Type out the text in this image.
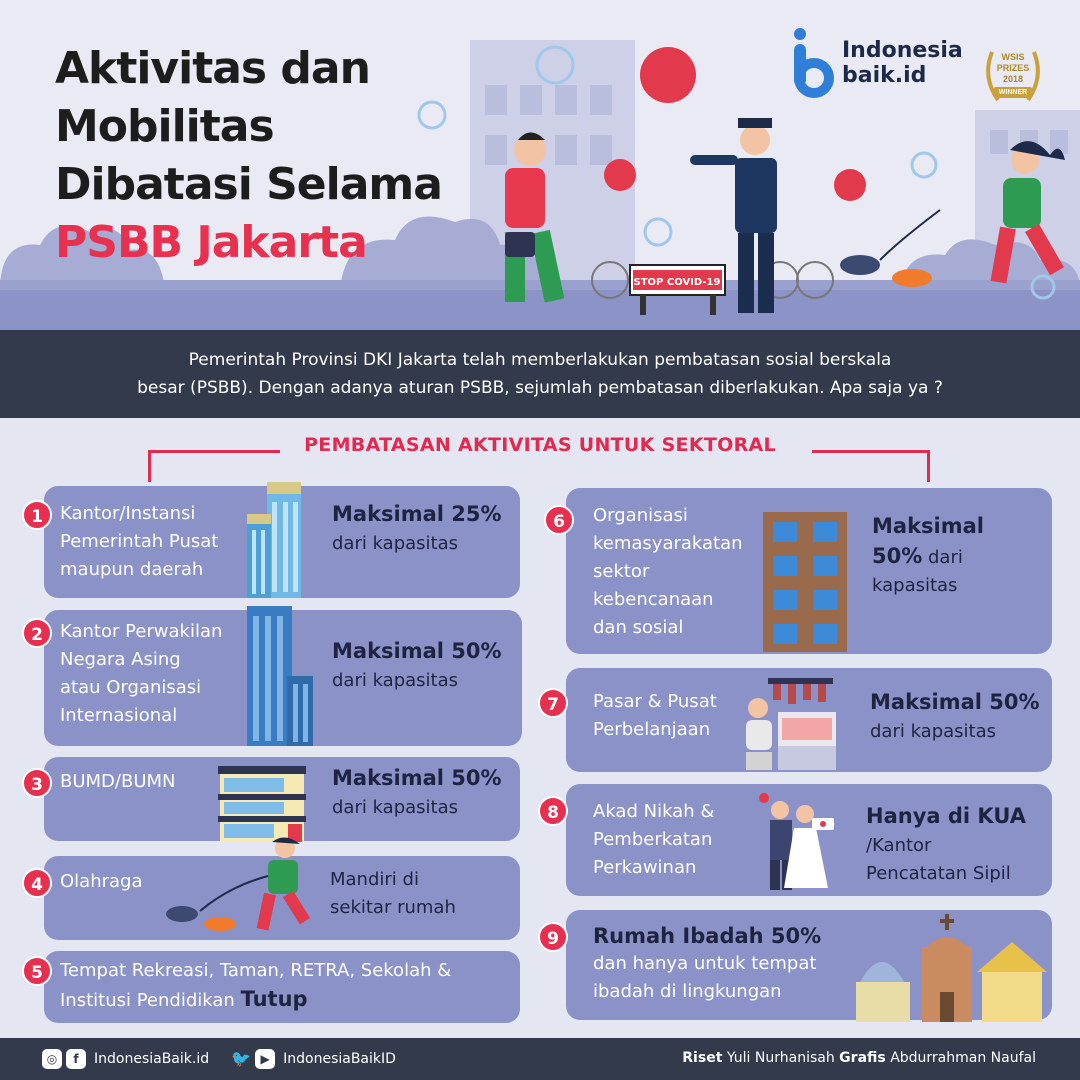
STOP COVID-19
Aktivitas dan
Mobilitas
Dibatasi Selama
PSBB Jakarta
Indonesia
baik.id
WSIS
PRIZES
2018
WINNER

Pemerintah Provinsi DKI Jakarta telah memberlakukan pembatasan sosial berskala
besar (PSBB). Dengan adanya aturan PSBB, sejumlah pembatasan diberlakukan. Apa saja ya ?

PEMBATASAN AKTIVITAS UNTUK SEKTORAL
1 Kantor/Instansi
Pemerintah Pusat
maupun daerah
Maksimal 25%
dari kapasitas
2 Kantor Perwakilan
Negara Asing
atau Organisasi
Internasional
Maksimal 50%
dari kapasitas
3 BUMD/BUMN	Maksimal 50%
dari kapasitas
4 Olahraga	Mandiri di
sekitar rumah
5 Tempat Rekreasi, Taman, RETRA, Sekolah &
Institusi Pendidikan Tutup
6	Organisasi
kemasyarakatan
sektor
kebencanaan
dan sosial
Maksimal
50% dari
kapasitas
7	Pasar & Pusat
Perbelanjaan
Maksimal 50%
dari kapasitas
8	Akad Nikah &
Pemberkatan
Perkawinan
Hanya di KUA
/Kantor
Pencatatan Sipil
9	Rumah Ibadah 50%
dan hanya untuk tempat
ibadah di lingkungan
◎	f	IndonesiaBaik.id 🐦 ▶ IndonesiaBaikID	Riset Yuli Nurhanisah Grafis Abdurrahman Naufal
